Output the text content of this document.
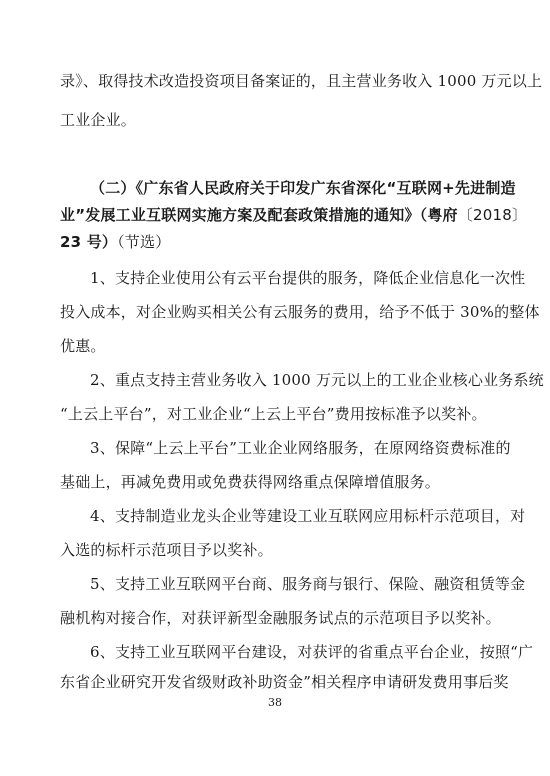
录》、取得技术改造投资项目备案证的，且主营业务收入 1000 万元以上
工业企业。
（二）《广东省人民政府关于印发广东省深化“互联网+先进制造
业”发展工业互联网实施方案及配套政策措施的通知》（粤府〔2018〕
23 号）（节选）
1、支持企业使用公有云平台提供的服务，降低企业信息化一次性
投入成本，对企业购买相关公有云服务的费用，给予不低于 30%的整体
优惠。
2、重点支持主营业务收入 1000 万元以上的工业企业核心业务系统
“上云上平台”，对工业企业“上云上平台”费用按标准予以奖补。
3、保障“上云上平台”工业企业网络服务，在原网络资费标准的
基础上，再减免费用或免费获得网络重点保障增值服务。
4、支持制造业龙头企业等建设工业互联网应用标杆示范项目，对
入选的标杆示范项目予以奖补。
5、支持工业互联网平台商、服务商与银行、保险、融资租赁等金
融机构对接合作，对获评新型金融服务试点的示范项目予以奖补。
6、支持工业互联网平台建设，对获评的省重点平台企业，按照“广
东省企业研究开发省级财政补助资金”相关程序申请研发费用事后奖
38
